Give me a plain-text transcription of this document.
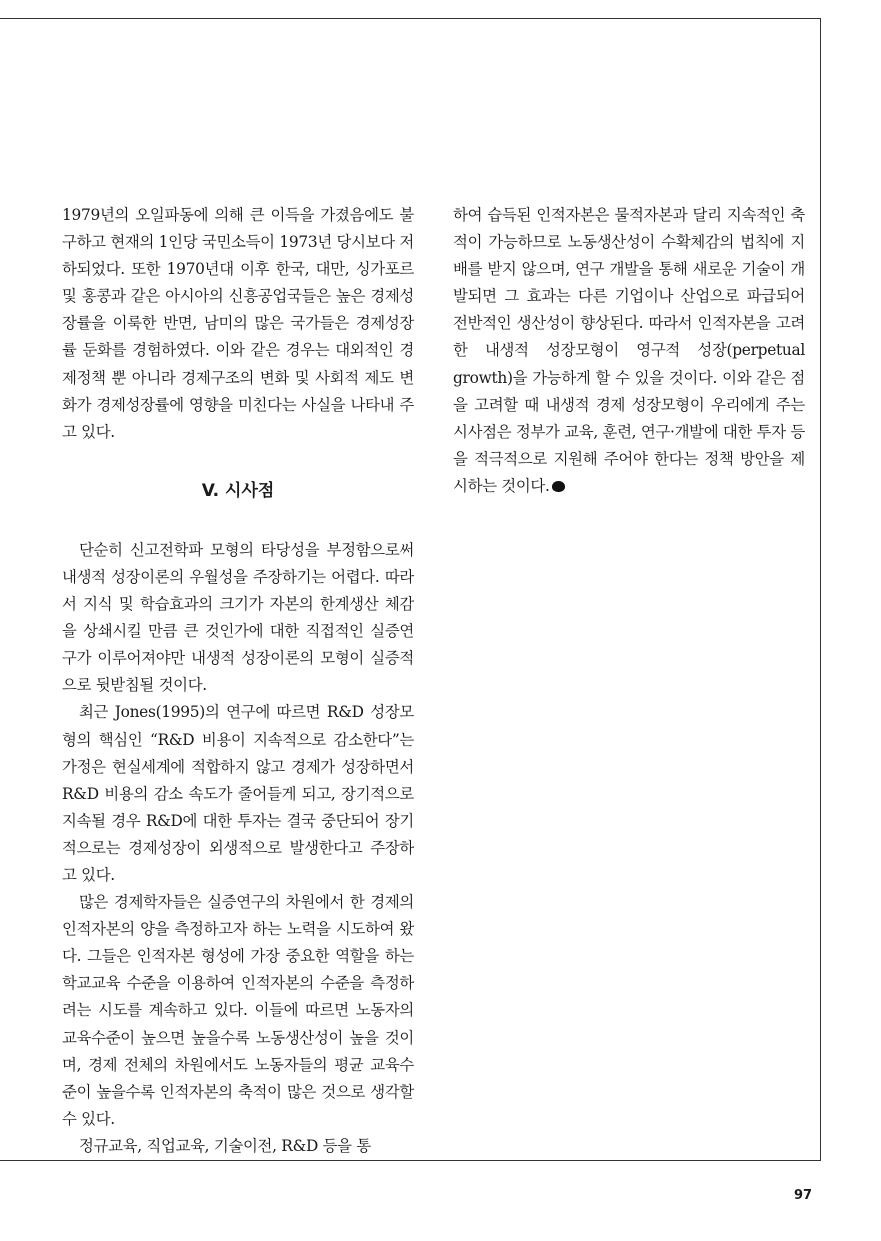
1979년의 오일파동에 의해 큰 이득을 가졌음에도 불구하고 현재의 1인당 국민소득이 1973년 당시보다 저하되었다. 또한 1970년대 이후 한국, 대만, 싱가포르 및 홍콩과 같은 아시아의 신흥공업국들은 높은 경제성장률을 이룩한 반면, 남미의 많은 국가들은 경제성장률 둔화를 경험하였다. 이와 같은 경우는 대외적인 경제정책 뿐 아니라 경제구조의 변화 및 사회적 제도 변화가 경제성장률에 영향을 미친다는 사실을 나타내 주고 있다.

V. 시사점

단순히 신고전학파 모형의 타당성을 부정함으로써 내생적 성장이론의 우월성을 주장하기는 어렵다. 따라서 지식 및 학습효과의 크기가 자본의 한계생산 체감을 상쇄시킬 만큼 큰 것인가에 대한 직접적인 실증연구가 이루어져야만 내생적 성장이론의 모형이 실증적으로 뒷받침될 것이다.

최근 Jones(1995)의 연구에 따르면 R&D 성장모형의 핵심인 “R&D 비용이 지속적으로 감소한다”는 가정은 현실세계에 적합하지 않고 경제가 성장하면서 R&D 비용의 감소 속도가 줄어들게 되고, 장기적으로 지속될 경우 R&D에 대한 투자는 결국 중단되어 장기적으로는 경제성장이 외생적으로 발생한다고 주장하고 있다.

많은 경제학자들은 실증연구의 차원에서 한 경제의 인적자본의 양을 측정하고자 하는 노력을 시도하여 왔다. 그들은 인적자본 형성에 가장 중요한 역할을 하는 학교교육 수준을 이용하여 인적자본의 수준을 측정하려는 시도를 계속하고 있다. 이들에 따르면 노동자의 교육수준이 높으면 높을수록 노동생산성이 높을 것이며, 경제 전체의 차원에서도 노동자들의 평균 교육수준이 높을수록 인적자본의 축적이 많은 것으로 생각할 수 있다.

정규교육, 직업교육, 기술이전, R&D 등을 통

하여 습득된 인적자본은 물적자본과 달리 지속적인 축적이 가능하므로 노동생산성이 수확체감의 법칙에 지배를 받지 않으며, 연구 개발을 통해 새로운 기술이 개발되면 그 효과는 다른 기업이나 산업으로 파급되어 전반적인 생산성이 향상된다. 따라서 인적자본을 고려한 내생적 성장모형이 영구적 성장(perpetual growth)을 가능하게 할 수 있을 것이다. 이와 같은 점을 고려할 때 내생적 경제 성장모형이 우리에게 주는 시사점은 정부가 교육, 훈련, 연구·개발에 대한 투자 등을 적극적으로 지원해 주어야 한다는 정책 방안을 제시하는 것이다.

97
